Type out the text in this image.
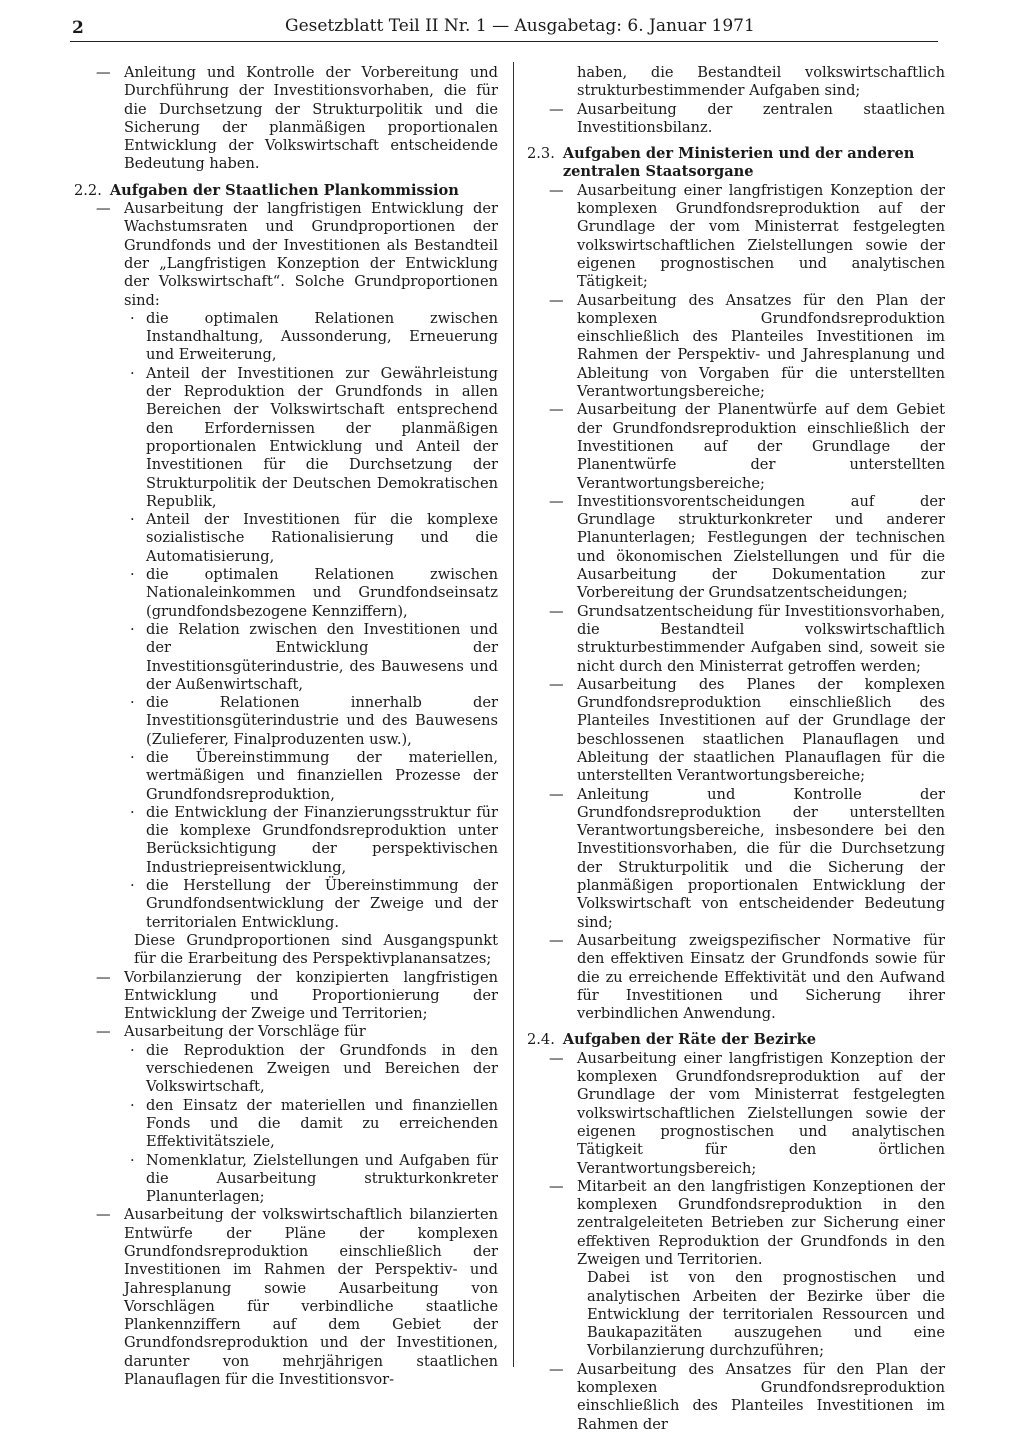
2	Gesetzblatt Teil II Nr. 1 — Ausgabetag: 6. Januar 1971
— Anleitung und Kontrolle der Vorbereitung und Durchführung der Investitionsvorhaben, die für die Durchsetzung der Strukturpolitik und die Sicherung der planmäßigen proportionalen Entwicklung der Volkswirtschaft entscheidende Bedeutung haben.
2.2. Aufgaben der Staatlichen Plankommission
— Ausarbeitung der langfristigen Entwicklung der Wachstumsraten und Grundproportionen der Grundfonds und der Investitionen als Bestandteil der „Langfristigen Konzeption der Entwicklung der Volkswirtschaft“. Solche Grundproportionen sind:
· die optimalen Relationen zwischen Instandhaltung, Aussonderung, Erneuerung und Erweiterung,
· Anteil der Investitionen zur Gewährleistung der Reproduktion der Grundfonds in allen Bereichen der Volkswirtschaft entsprechend den Erfordernissen der planmäßigen proportionalen Entwicklung und Anteil der Investitionen für die Durchsetzung der Strukturpolitik der Deutschen Demokratischen Republik,
· Anteil der Investitionen für die komplexe sozialistische Rationalisierung und die Automatisierung,
· die optimalen Relationen zwischen Nationaleinkommen und Grundfondseinsatz (grundfondsbezogene Kennziffern),
· die Relation zwischen den Investitionen und der Entwicklung der Investitionsgüterindustrie, des Bauwesens und der Außenwirtschaft,
· die Relationen innerhalb der Investitionsgüterindustrie und des Bauwesens (Zulieferer, Finalproduzenten usw.),
· die Übereinstimmung der materiellen, wertmäßigen und finanziellen Prozesse der Grundfondsreproduktion,
· die Entwicklung der Finanzierungsstruktur für die komplexe Grundfondsreproduktion unter Berücksichtigung der perspektivischen Industriepreisentwicklung,
· die Herstellung der Übereinstimmung der Grundfondsentwicklung der Zweige und der territorialen Entwicklung.
Diese Grundproportionen sind Ausgangspunkt für die Erarbeitung des Perspektivplanansatzes;
— Vorbilanzierung der konzipierten langfristigen Entwicklung und Proportionierung der Entwicklung der Zweige und Territorien;
— Ausarbeitung der Vorschläge für
· die Reproduktion der Grundfonds in den verschiedenen Zweigen und Bereichen der Volkswirtschaft,
· den Einsatz der materiellen und finanziellen Fonds und die damit zu erreichenden Effektivitätsziele,
· Nomenklatur, Zielstellungen und Aufgaben für die Ausarbeitung strukturkonkreter Planunterlagen;
— Ausarbeitung der volkswirtschaftlich bilanzierten Entwürfe der Pläne der komplexen Grundfondsreproduktion einschließlich der Investitionen im Rahmen der Perspektiv- und Jahresplanung sowie Ausarbeitung von Vorschlägen für verbindliche staatliche Plankennziffern auf dem Gebiet der Grundfondsreproduktion und der Investitionen, darunter von mehrjährigen staatlichen Planauflagen für die Investitionsvor-
haben, die Bestandteil volkswirtschaftlich strukturbestimmender Aufgaben sind;
— Ausarbeitung der zentralen staatlichen Investitionsbilanz.
2.3. Aufgaben der Ministerien und der anderen zentralen Staatsorgane
— Ausarbeitung einer langfristigen Konzeption der komplexen Grundfondsreproduktion auf der Grundlage der vom Ministerrat festgelegten volkswirtschaftlichen Zielstellungen sowie der eigenen prognostischen und analytischen Tätigkeit;
— Ausarbeitung des Ansatzes für den Plan der komplexen Grundfondsreproduktion einschließlich des Planteiles Investitionen im Rahmen der Perspektiv- und Jahresplanung und Ableitung von Vorgaben für die unterstellten Verantwortungsbereiche;
— Ausarbeitung der Planentwürfe auf dem Gebiet der Grundfondsreproduktion einschließlich der Investitionen auf der Grundlage der Planentwürfe der unterstellten Verantwortungsbereiche;
— Investitionsvorentscheidungen auf der Grundlage strukturkonkreter und anderer Planunterlagen; Festlegungen der technischen und ökonomischen Zielstellungen und für die Ausarbeitung der Dokumentation zur Vorbereitung der Grundsatzentscheidungen;
— Grundsatzentscheidung für Investitionsvorhaben, die Bestandteil volkswirtschaftlich strukturbestimmender Aufgaben sind, soweit sie nicht durch den Ministerrat getroffen werden;
— Ausarbeitung des Planes der komplexen Grundfondsreproduktion einschließlich des Planteiles Investitionen auf der Grundlage der beschlossenen staatlichen Planauflagen und Ableitung der staatlichen Planauflagen für die unterstellten Verantwortungsbereiche;
— Anleitung und Kontrolle der Grundfondsreproduktion der unterstellten Verantwortungsbereiche, insbesondere bei den Investitionsvorhaben, die für die Durchsetzung der Strukturpolitik und die Sicherung der planmäßigen proportionalen Entwicklung der Volkswirtschaft von entscheidender Bedeutung sind;
— Ausarbeitung zweigspezifischer Normative für den effektiven Einsatz der Grundfonds sowie für die zu erreichende Effektivität und den Aufwand für Investitionen und Sicherung ihrer verbindlichen Anwendung.
2.4. Aufgaben der Räte der Bezirke
— Ausarbeitung einer langfristigen Konzeption der komplexen Grundfondsreproduktion auf der Grundlage der vom Ministerrat festgelegten volkswirtschaftlichen Zielstellungen sowie der eigenen prognostischen und analytischen Tätigkeit für den örtlichen Verantwortungsbereich;
— Mitarbeit an den langfristigen Konzeptionen der komplexen Grundfondsreproduktion in den zentralgeleiteten Betrieben zur Sicherung einer effektiven Reproduktion der Grundfonds in den Zweigen und Territorien.
Dabei ist von den prognostischen und analytischen Arbeiten der Bezirke über die Entwicklung der territorialen Ressourcen und Baukapazitäten auszugehen und eine Vorbilanzierung durchzuführen;
— Ausarbeitung des Ansatzes für den Plan der komplexen Grundfondsreproduktion einschließlich des Planteiles Investitionen im Rahmen der
